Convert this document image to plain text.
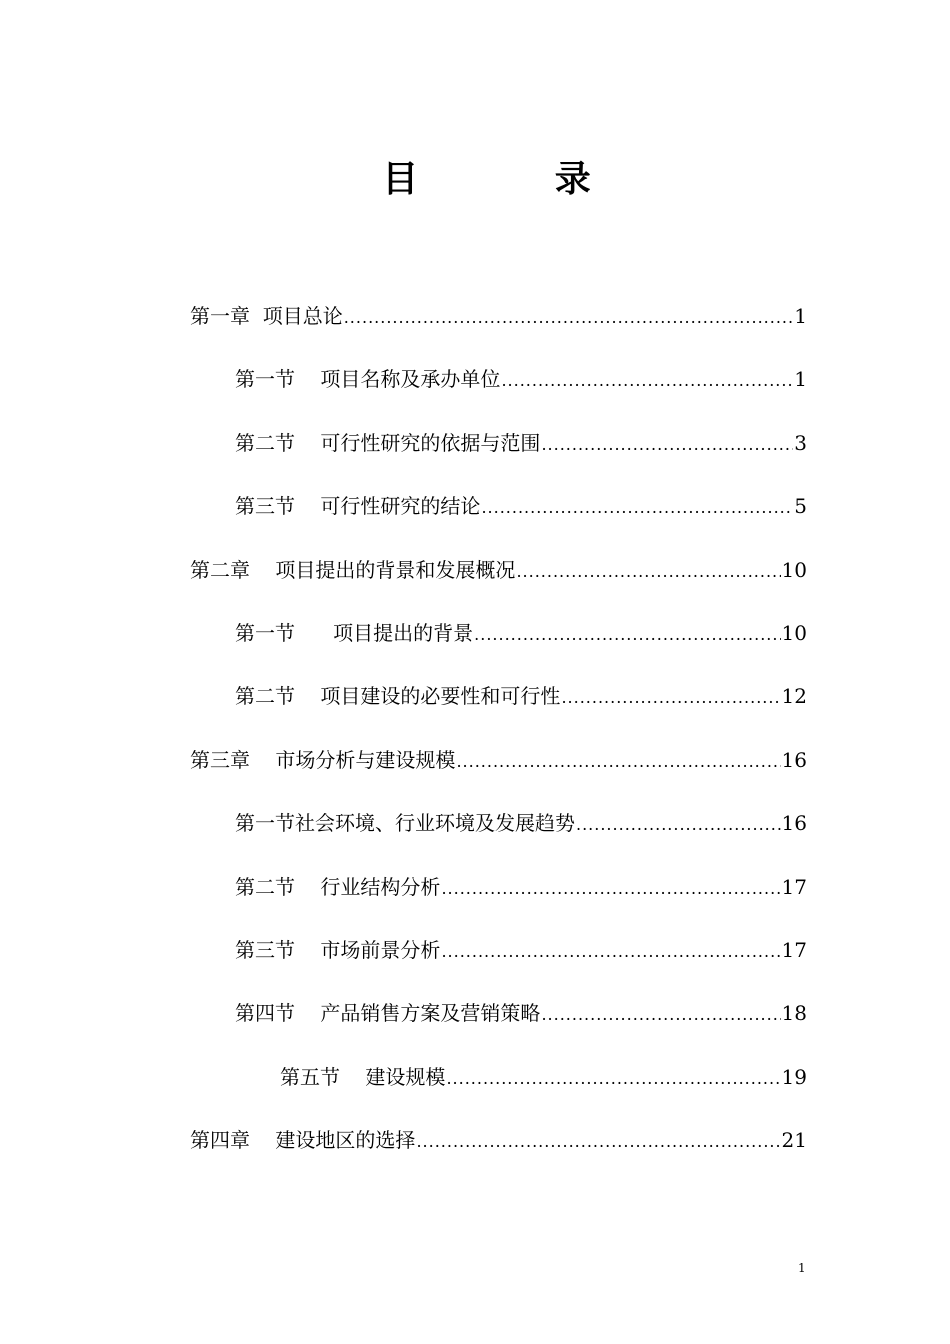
目 录
第一章  项目总论 .....	1
第一节    项目名称及承办单位 .....	1
第二节    可行性研究的依据与范围 .....	3
第三节    可行性研究的结论 .....	5
第二章    项目提出的背景和发展概况 .....	10
第一节      项目提出的背景 .....	10
第二节    项目建设的必要性和可行性 .....	12
第三章    市场分析与建设规模 .....	16
第一节社会环境、行业环境及发展趋势 .....	16
第二节    行业结构分析 .....	17
第三节    市场前景分析 .....	17
第四节    产品销售方案及营销策略 .....	18
第五节    建设规模 .....	19
第四章    建设地区的选择 .....	21
1
